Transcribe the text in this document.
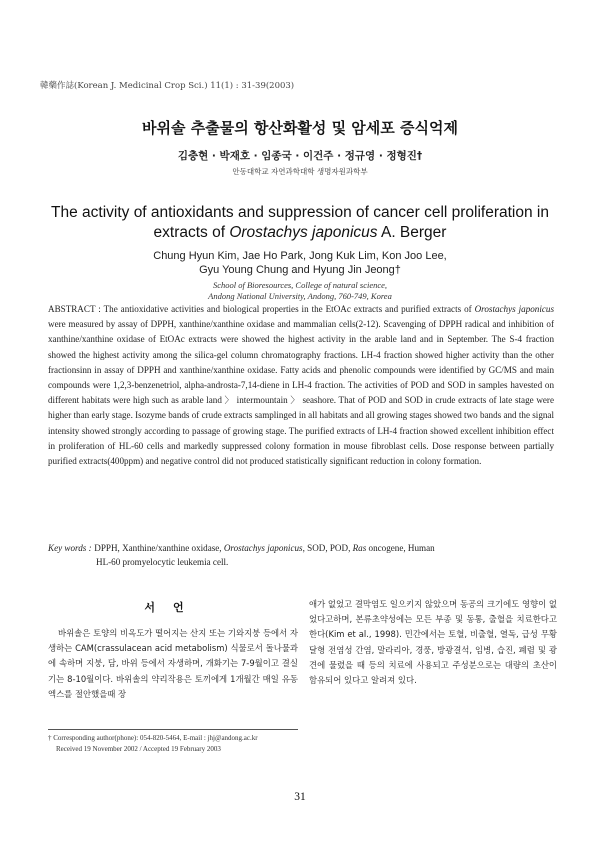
韓藥作誌(Korean J. Medicinal Crop Sci.) 11(1) : 31-39(2003)
바위솔 추출물의 항산화활성 및 암세포 증식억제
김충현 · 박재호 · 임종국 · 이건주 · 정규영 · 정형진†
안동대학교 자연과학대학 생명자원과학부
The activity of antioxidants and suppression of cancer cell proliferation in extracts of Orostachys japonicus A. Berger
Chung Hyun Kim, Jae Ho Park, Jong Kuk Lim, Kon Joo Lee,
Gyu Young Chung and Hyung Jin Jeong†
School of Bioresources, College of natural science,
Andong National University, Andong, 760-749, Korea
ABSTRACT : The antioxidative activities and biological properties in the EtOAc extracts and purified extracts of Orostachys japonicus were measured by assay of DPPH, xanthine/xanthine oxidase and mammalian cells(2-12). Scavenging of DPPH radical and inhibition of xanthine/xanthine oxidase of EtOAc extracts were showed the highest activity in the arable land and in September. The S-4 fraction showed the highest activity among the silica-gel column chromatography fractions. LH-4 fraction showed higher activity than the other fractionsinn in assay of DPPH and xanthine/xanthine oxidase. Fatty acids and phenolic compounds were identified by GC/MS and main compounds were 1,2,3-benzenetriol, alpha-androsta-7,14-diene in LH-4 fraction. The activities of POD and SOD in samples havested on different habitats were high such as arable land 〉 intermountain 〉 seashore. That of POD and SOD in crude extracts of late stage were higher than early stage. Isozyme bands of crude extracts samplinged in all habitats and all growing stages showed two bands and the signal intensity showed strongly according to passage of growing stage. The purified extracts of LH-4 fraction showed excellent inhibition effect in proliferation of HL-60 cells and markedly suppressed colony formation in mouse fibroblast cells. Dose response between partially purified extracts(400ppm) and negative control did not produced statistically significant reduction in colony formation.
Key words : DPPH, Xanthine/xanthine oxidase, Orostachys japonicus, SOD, POD, Ras oncogene, Human
HL-60 promyelocytic leukemia cell.
서언

바위솔은 토양의 비옥도가 떨어지는 산지 또는 기와지붕 등에서 자생하는 CAM(crassulacean acid metabolism) 식물로서 돌나물과에 속하며 지붕, 담, 바위 등에서 자생하며, 개화기는 7-9월이고 결실기는 8-10월이다. 바위솔의 약리작용은 토끼에게 1개월간 매일 유동 엑스를 절안했을때 장

애가 없었고 결막염도 일으키지 않았으며 동공의 크기에도 영향이 없었다고하며, 본류초약성에는 모든 부종 및 동통, 출혈을 치료한다고 한다(Kim et al., 1998). 민간에서는 토혈, 비출혈, 열독, 급성 무황달형 전염성 간염, 말라리아, 경풍, 방광결석, 임병, 습진, 폐렴 및 광견에 물렸을 때 등의 치료에 사용되고 주성분으로는 대량의 초산이 함유되어 있다고 알려져 있다.

† Corresponding author(phone): 054-820-5464, E-mail : jhj@andong.ac.kr
Received 19 November 2002 / Accepted 19 February 2003
31
